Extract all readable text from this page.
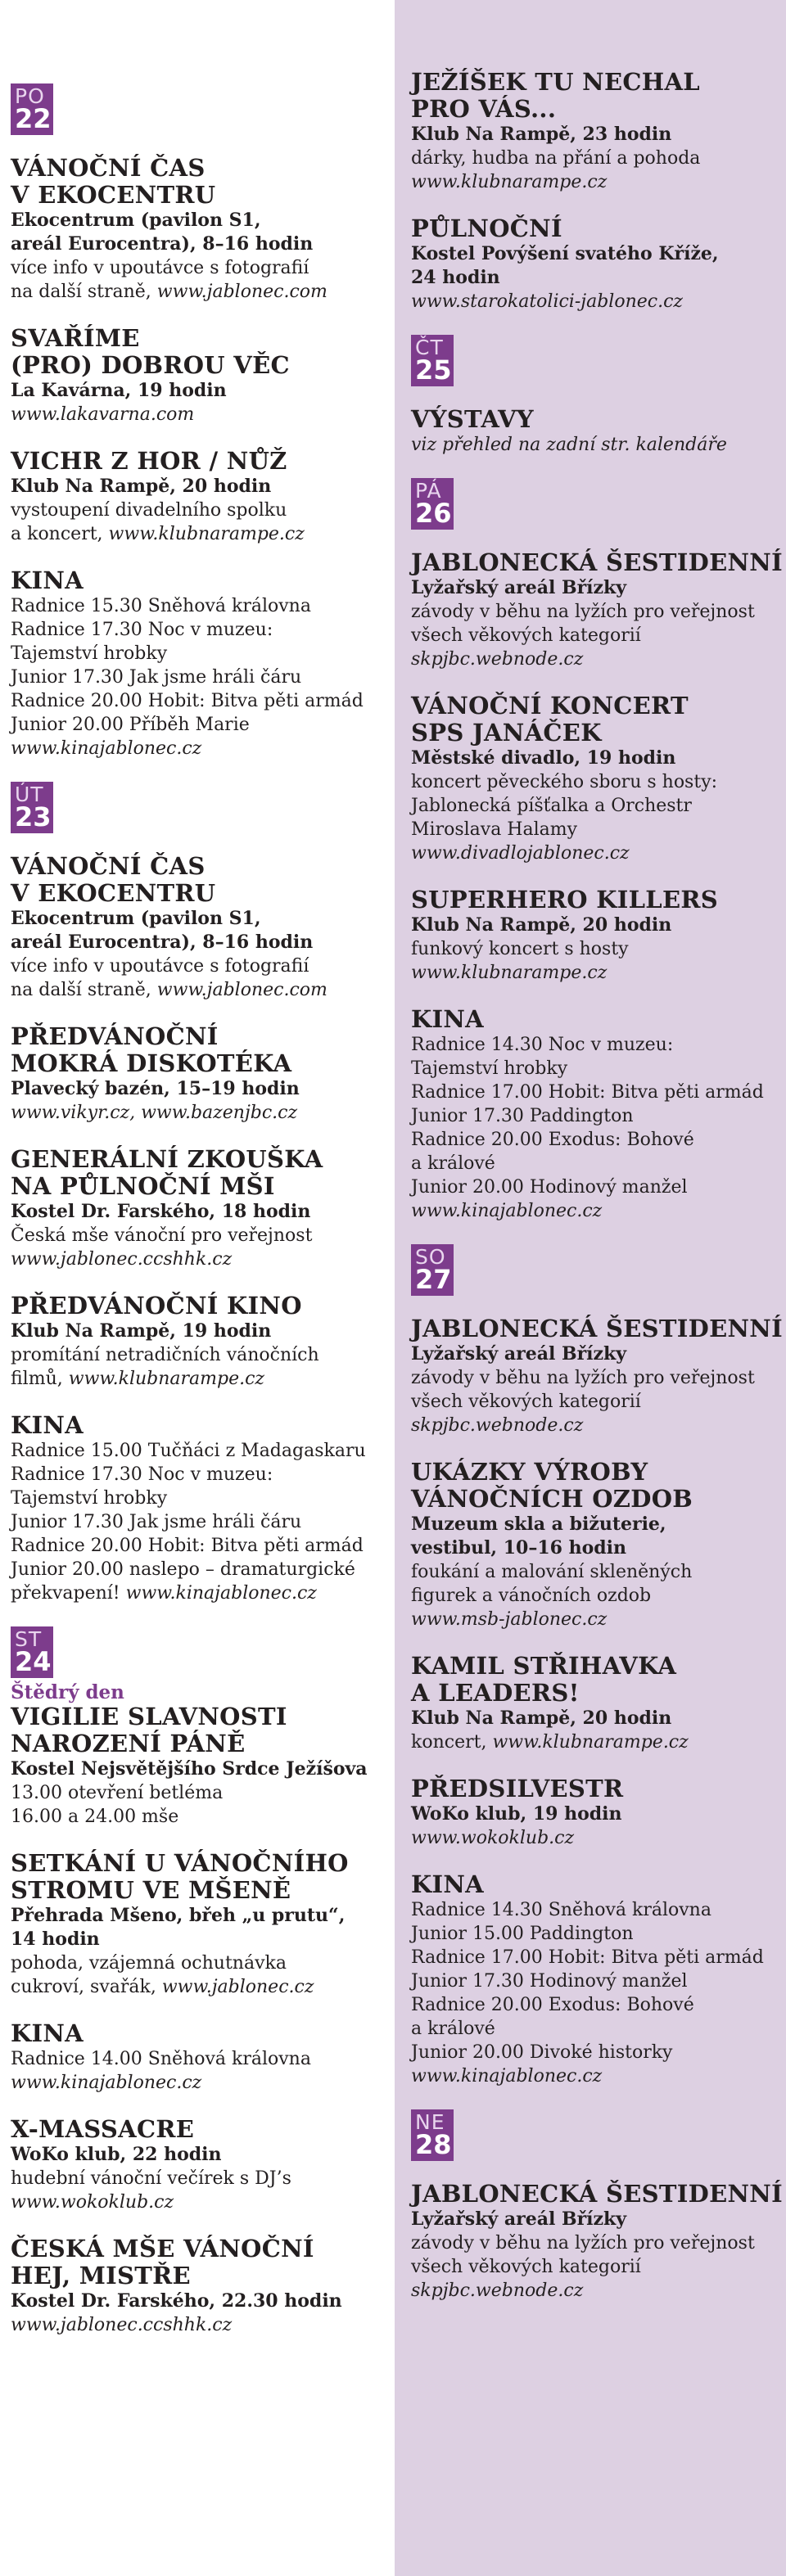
PO
22
VÁNOČNÍ ČAS
V EKOCENTRU
Ekocentrum (pavilon S1,
areál Eurocentra), 8–16 hodin
více info v upoutávce s fotografií
na další straně, www.jablonec.com
SVAŘÍME
(PRO) DOBROU VĚC
La Kavárna, 19 hodin
www.lakavarna.com
VICHR Z HOR / NŮŽ
Klub Na Rampě, 20 hodin
vystoupení divadelního spolku
a koncert, www.klubnarampe.cz
KINA
Radnice 15.30 Sněhová královna
Radnice 17.30 Noc v muzeu:
Tajemství hrobky
Junior 17.30 Jak jsme hráli čáru
Radnice 20.00 Hobit: Bitva pěti armád
Junior 20.00 Příběh Marie
www.kinajablonec.cz
ÚT
23
VÁNOČNÍ ČAS
V EKOCENTRU
Ekocentrum (pavilon S1,
areál Eurocentra), 8–16 hodin
více info v upoutávce s fotografií
na další straně, www.jablonec.com
PŘEDVÁNOČNÍ
MOKRÁ DISKOTÉKA
Plavecký bazén, 15–19 hodin
www.vikyr.cz, www.bazenjbc.cz
GENERÁLNÍ ZKOUŠKA
NA PŮLNOČNÍ MŠI
Kostel Dr. Farského, 18 hodin
Česká mše vánoční pro veřejnost
www.jablonec.ccshhk.cz
PŘEDVÁNOČNÍ KINO
Klub Na Rampě, 19 hodin
promítání netradičních vánočních
filmů, www.klubnarampe.cz
KINA
Radnice 15.00 Tučňáci z Madagaskaru
Radnice 17.30 Noc v muzeu:
Tajemství hrobky
Junior 17.30 Jak jsme hráli čáru
Radnice 20.00 Hobit: Bitva pěti armád
Junior 20.00 naslepo – dramaturgické
překvapení! www.kinajablonec.cz
ST
24
Štědrý den
VIGILIE SLAVNOSTI
NAROZENÍ PÁNĚ
Kostel Nejsvětějšího Srdce Ježíšova
13.00 otevření betléma
16.00 a 24.00 mše
SETKÁNÍ U VÁNOČNÍHO
STROMU VE MŠENĚ
Přehrada Mšeno, břeh „u prutu“,
14 hodin
pohoda, vzájemná ochutnávka
cukroví, svařák, www.jablonec.cz
KINA
Radnice 14.00 Sněhová královna
www.kinajablonec.cz
X-MASSACRE
WoKo klub, 22 hodin
hudební vánoční večírek s DJ’s
www.wokoklub.cz
ČESKÁ MŠE VÁNOČNÍ
HEJ, MISTŘE
Kostel Dr. Farského, 22.30 hodin
www.jablonec.ccshhk.cz
JEŽÍŠEK TU NECHAL
PRO VÁS...
Klub Na Rampě, 23 hodin
dárky, hudba na přání a pohoda
www.klubnarampe.cz
PŮLNOČNÍ
Kostel Povýšení svatého Kříže,
24 hodin
www.starokatolici-jablonec.cz
ČT
25
VÝSTAVY
viz přehled na zadní str. kalendáře
PÁ
26
JABLONECKÁ ŠESTIDENNÍ
Lyžařský areál Břízky
závody v běhu na lyžích pro veřejnost
všech věkových kategorií
skpjbc.webnode.cz
VÁNOČNÍ KONCERT
SPS JANÁČEK
Městské divadlo, 19 hodin
koncert pěveckého sboru s hosty:
Jablonecká píšťalka a Orchestr
Miroslava Halamy
www.divadlojablonec.cz
SUPERHERO KILLERS
Klub Na Rampě, 20 hodin
funkový koncert s hosty
www.klubnarampe.cz
KINA
Radnice 14.30 Noc v muzeu:
Tajemství hrobky
Radnice 17.00 Hobit: Bitva pěti armád
Junior 17.30 Paddington
Radnice 20.00 Exodus: Bohové
a králové
Junior 20.00 Hodinový manžel
www.kinajablonec.cz
SO
27
JABLONECKÁ ŠESTIDENNÍ
Lyžařský areál Břízky
závody v běhu na lyžích pro veřejnost
všech věkových kategorií
skpjbc.webnode.cz
UKÁZKY VÝROBY
VÁNOČNÍCH OZDOB
Muzeum skla a bižuterie,
vestibul, 10–16 hodin
foukání a malování skleněných
figurek a vánočních ozdob
www.msb-jablonec.cz
KAMIL STŘIHAVKA
A LEADERS!
Klub Na Rampě, 20 hodin
koncert, www.klubnarampe.cz
PŘEDSILVESTR
WoKo klub, 19 hodin
www.wokoklub.cz
KINA
Radnice 14.30 Sněhová královna
Junior 15.00 Paddington
Radnice 17.00 Hobit: Bitva pěti armád
Junior 17.30 Hodinový manžel
Radnice 20.00 Exodus: Bohové
a králové
Junior 20.00 Divoké historky
www.kinajablonec.cz
NE
28
JABLONECKÁ ŠESTIDENNÍ
Lyžařský areál Břízky
závody v běhu na lyžích pro veřejnost
všech věkových kategorií
skpjbc.webnode.cz
